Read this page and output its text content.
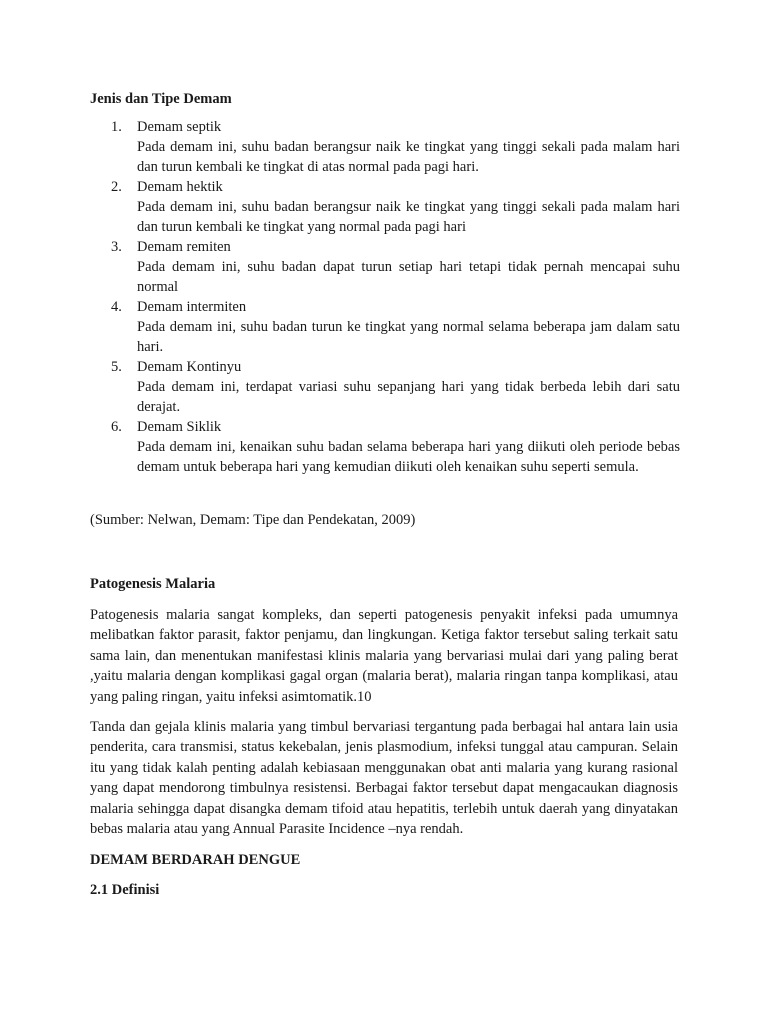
Jenis dan Tipe Demam
1. Demam septik
Pada demam ini, suhu badan berangsur naik ke tingkat yang tinggi sekali pada malam hari dan turun kembali ke tingkat di atas normal pada pagi hari.
2. Demam hektik
Pada demam ini, suhu badan berangsur naik ke tingkat yang tinggi sekali pada malam hari dan turun kembali ke tingkat yang normal pada pagi hari
3. Demam remiten
Pada demam ini, suhu badan dapat turun setiap hari tetapi tidak pernah mencapai suhu normal
4. Demam intermiten
Pada demam ini, suhu badan turun ke tingkat yang normal selama beberapa jam dalam satu hari.
5. Demam Kontinyu
Pada demam ini, terdapat variasi suhu sepanjang hari yang tidak berbeda lebih dari satu derajat.
6. Demam Siklik
Pada demam ini, kenaikan suhu badan selama beberapa hari yang diikuti oleh periode bebas demam untuk beberapa hari yang kemudian diikuti oleh kenaikan suhu seperti semula.

(Sumber: Nelwan, Demam: Tipe dan Pendekatan, 2009)

Patogenesis Malaria

Patogenesis malaria sangat kompleks, dan seperti patogenesis penyakit infeksi pada umumnya melibatkan faktor parasit, faktor penjamu, dan lingkungan. Ketiga faktor tersebut saling terkait satu sama lain, dan menentukan manifestasi klinis malaria yang bervariasi mulai dari yang paling berat ,yaitu malaria dengan komplikasi gagal organ (malaria berat), malaria ringan tanpa komplikasi, atau yang paling ringan, yaitu infeksi asimtomatik.10

Tanda dan gejala klinis malaria yang timbul bervariasi tergantung pada berbagai hal antara lain usia penderita, cara transmisi, status kekebalan, jenis plasmodium, infeksi tunggal atau campuran. Selain itu yang tidak kalah penting adalah kebiasaan menggunakan obat anti malaria yang kurang rasional yang dapat mendorong timbulnya resistensi. Berbagai faktor tersebut dapat mengacaukan diagnosis malaria sehingga dapat disangka demam tifoid atau hepatitis, terlebih untuk daerah yang dinyatakan bebas malaria atau yang Annual Parasite Incidence –nya rendah.

DEMAM BERDARAH DENGUE
2.1 Definisi
